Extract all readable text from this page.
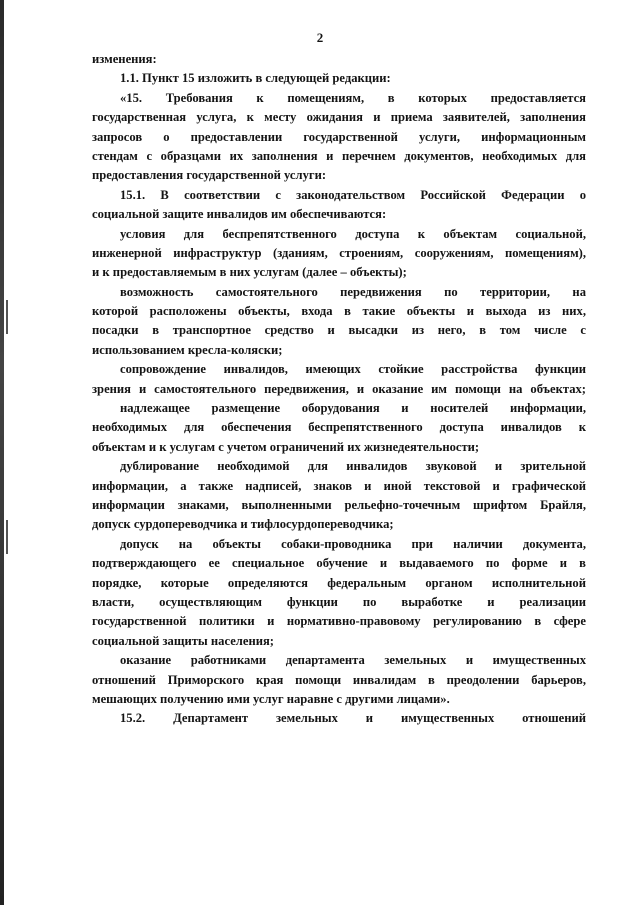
2
изменения:
1.1. Пункт 15 изложить в следующей редакции:
«15. Требования к помещениям, в которых предоставляется
государственная услуга, к месту ожидания и приема заявителей, заполнения
запросов о предоставлении государственной услуги, информационным
стендам с образцами их заполнения и перечнем документов, необходимых для
предоставления государственной услуги:
15.1. В соответствии с законодательством Российской Федерации о
социальной защите инвалидов им обеспечиваются:
условия для беспрепятственного доступа к объектам социальной,
инженерной инфраструктур (зданиям, строениям, сооружениям, помещениям),
и к предоставляемым в них услугам (далее – объекты);
возможность самостоятельного передвижения по территории, на
которой расположены объекты, входа в такие объекты и выхода из них,
посадки в транспортное средство и высадки из него, в том числе с
использованием кресла-коляски;
сопровождение инвалидов, имеющих стойкие расстройства функции
зрения и самостоятельного передвижения, и оказание им помощи на объектах;
надлежащее размещение оборудования и носителей информации,
необходимых для обеспечения беспрепятственного доступа инвалидов к
объектам и к услугам с учетом ограничений их жизнедеятельности;
дублирование необходимой для инвалидов звуковой и зрительной
информации, а также надписей, знаков и иной текстовой и графической
информации знаками, выполненными рельефно-точечным шрифтом Брайля,
допуск сурдопереводчика и тифлосурдопереводчика;
допуск на объекты собаки-проводника при наличии документа,
подтверждающего ее специальное обучение и выдаваемого по форме и в
порядке, которые определяются федеральным органом исполнительной
власти, осуществляющим функции по выработке и реализации
государственной политики и нормативно-правовому регулированию в сфере
социальной защиты населения;
оказание работниками департамента земельных и имущественных
отношений Приморского края помощи инвалидам в преодолении барьеров,
мешающих получению ими услуг наравне с другими лицами».
15.2. Департамент земельных и имущественных отношений
